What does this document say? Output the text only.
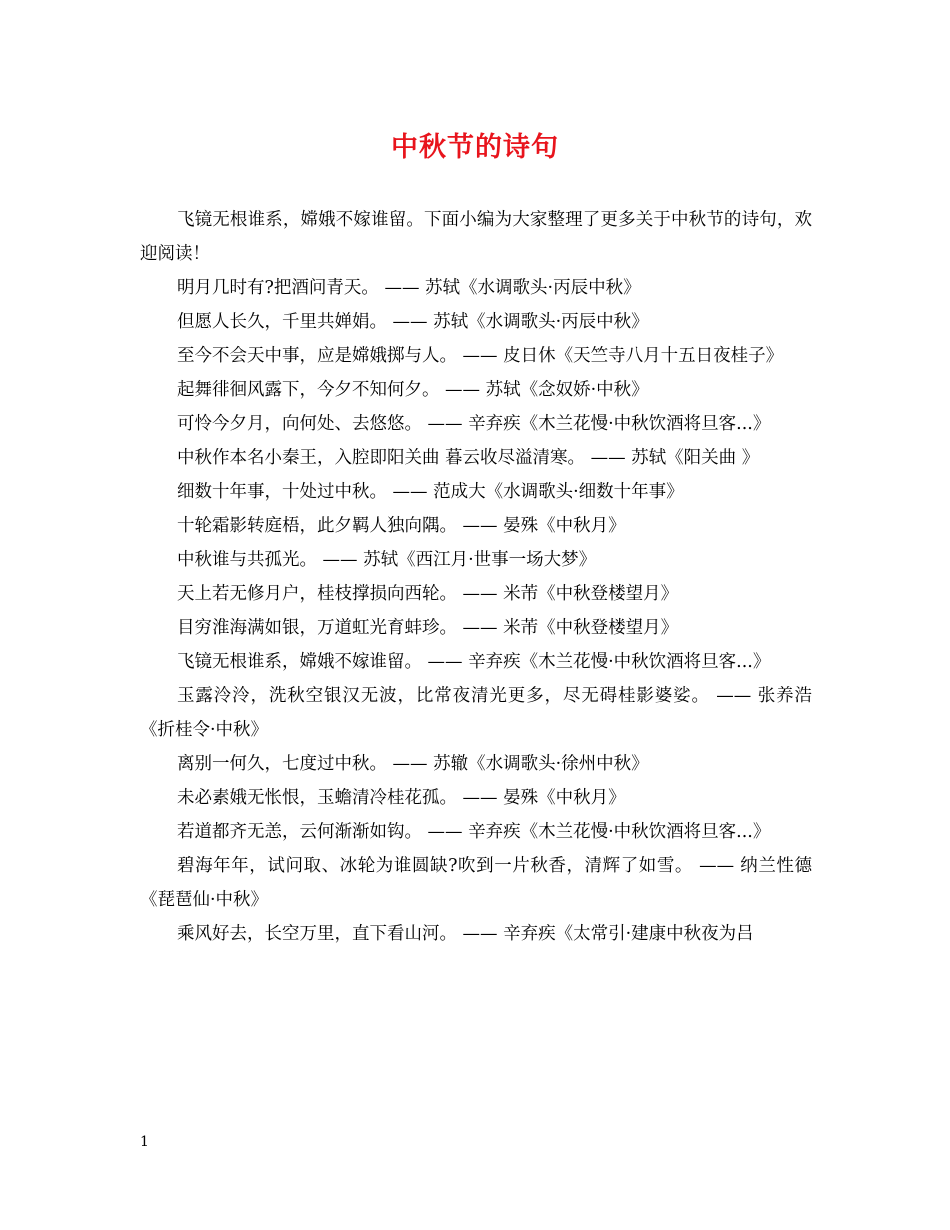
中秋节的诗句

飞镜无根谁系，嫦娥不嫁谁留。下面小编为大家整理了更多关于中秋节的诗句，欢迎阅读！

明月几时有?把酒问青天。 —— 苏轼《水调歌头·丙辰中秋》

但愿人长久，千里共婵娟。 —— 苏轼《水调歌头·丙辰中秋》

至今不会天中事，应是嫦娥掷与人。 —— 皮日休《天竺寺八月十五日夜桂子》

起舞徘徊风露下，今夕不知何夕。 —— 苏轼《念奴娇·中秋》

可怜今夕月，向何处、去悠悠。 —— 辛弃疾《木兰花慢·中秋饮酒将旦客...》

中秋作本名小秦王，入腔即阳关曲 暮云收尽溢清寒。 —— 苏轼《阳关曲 》

细数十年事，十处过中秋。 —— 范成大《水调歌头·细数十年事》

十轮霜影转庭梧，此夕羁人独向隅。 —— 晏殊《中秋月》

中秋谁与共孤光。 —— 苏轼《西江月·世事一场大梦》

天上若无修月户，桂枝撑损向西轮。 —— 米芾《中秋登楼望月》

目穷淮海满如银，万道虹光育蚌珍。 —— 米芾《中秋登楼望月》

飞镜无根谁系，嫦娥不嫁谁留。 —— 辛弃疾《木兰花慢·中秋饮酒将旦客...》

玉露泠泠，洗秋空银汉无波，比常夜清光更多，尽无碍桂影婆娑。 —— 张养浩《折桂令·中秋》

离别一何久，七度过中秋。 —— 苏辙《水调歌头·徐州中秋》

未必素娥无怅恨，玉蟾清冷桂花孤。 —— 晏殊《中秋月》

若道都齐无恙，云何渐渐如钩。 —— 辛弃疾《木兰花慢·中秋饮酒将旦客...》

碧海年年，试问取、冰轮为谁圆缺?吹到一片秋香，清辉了如雪。 —— 纳兰性德《琵琶仙·中秋》

乘风好去，长空万里，直下看山河。 —— 辛弃疾《太常引·建康中秋夜为吕

1
